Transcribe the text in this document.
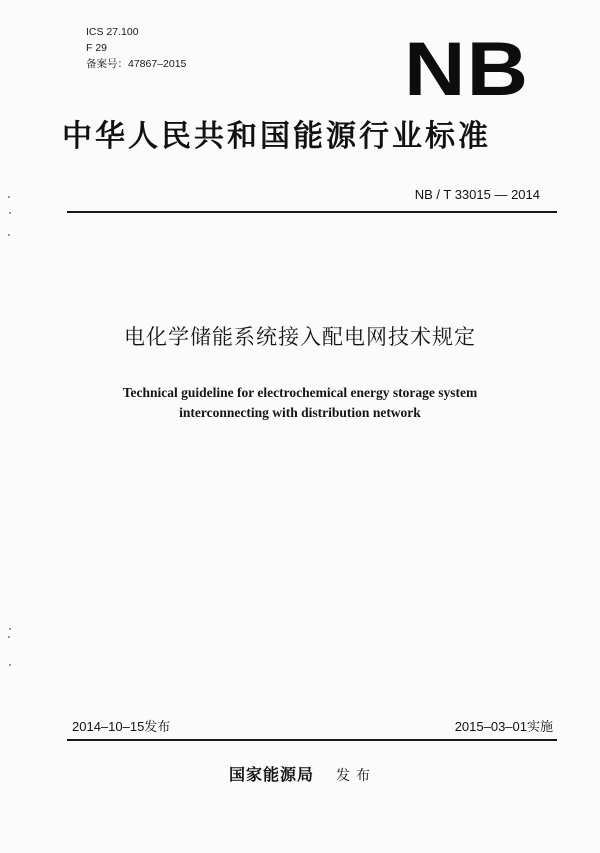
ICS 27.100
F 29
备案号：47867–2015	NB
中华人民共和国能源行业标准
NB / T 33015 — 2014
电化学储能系统接入配电网技术规定
Technical guideline for electrochemical energy storage system
interconnecting with distribution network
2014–10–15发布	2015–03–01实施
国家能源局 发布
